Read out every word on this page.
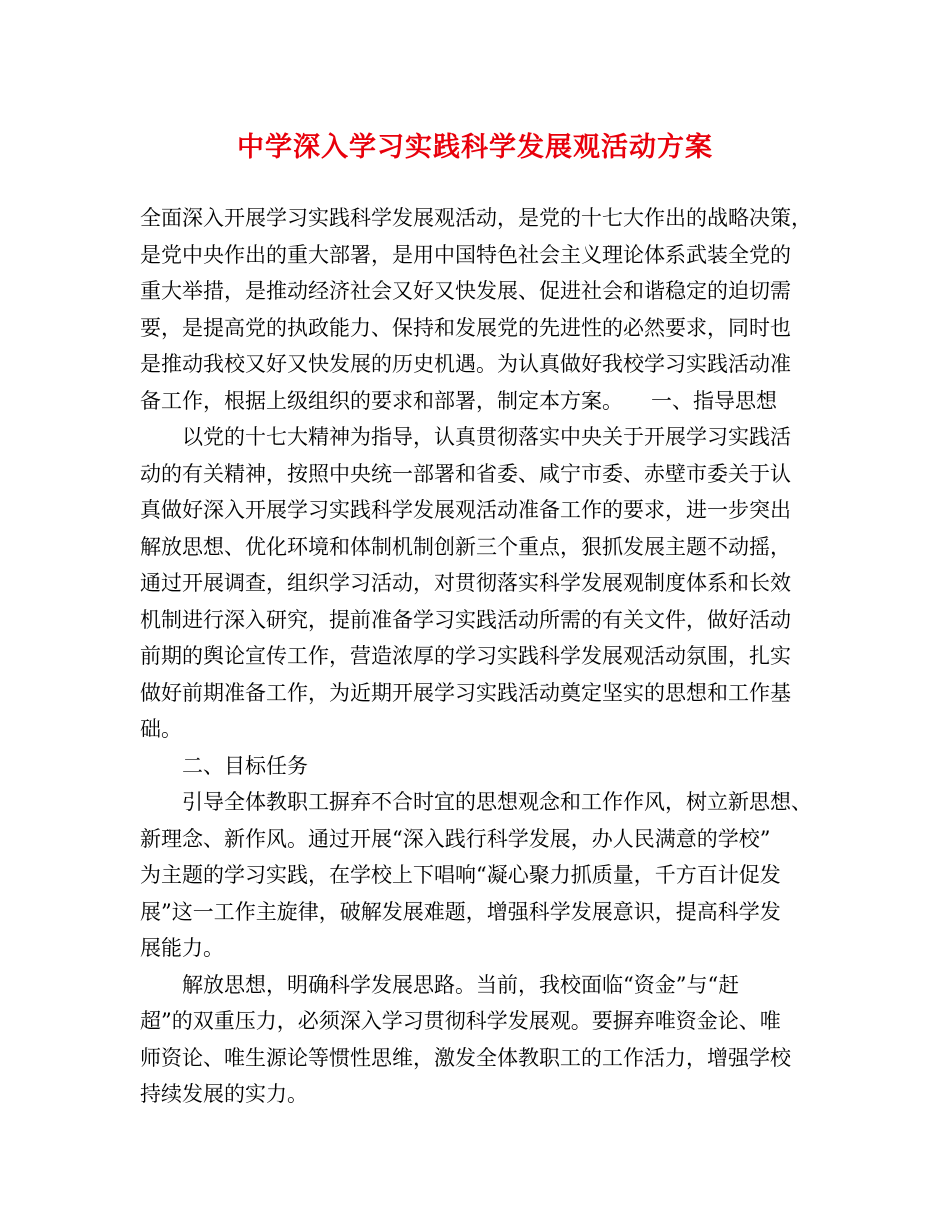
中学深入学习实践科学发展观活动方案
全面深入开展学习实践科学发展观活动，是党的十七大作出的战略决策，
是党中央作出的重大部署，是用中国特色社会主义理论体系武装全党的
重大举措，是推动经济社会又好又快发展、促进社会和谐稳定的迫切需
要，是提高党的执政能力、保持和发展党的先进性的必然要求，同时也
是推动我校又好又快发展的历史机遇。为认真做好我校学习实践活动准
备工作，根据上级组织的要求和部署，制定本方案。 一、指导思想
以党的十七大精神为指导，认真贯彻落实中央关于开展学习实践活
动的有关精神，按照中央统一部署和省委、咸宁市委、赤壁市委关于认
真做好深入开展学习实践科学发展观活动准备工作的要求，进一步突出
解放思想、优化环境和体制机制创新三个重点，狠抓发展主题不动摇，
通过开展调查，组织学习活动，对贯彻落实科学发展观制度体系和长效
机制进行深入研究，提前准备学习实践活动所需的有关文件，做好活动
前期的舆论宣传工作，营造浓厚的学习实践科学发展观活动氛围，扎实
做好前期准备工作，为近期开展学习实践活动奠定坚实的思想和工作基
础。
二、目标任务
引导全体教职工摒弃不合时宜的思想观念和工作作风，树立新思想、
新理念、新作风。通过开展“深入践行科学发展，办人民满意的学校”
为主题的学习实践，在学校上下唱响“凝心聚力抓质量，千方百计促发
展”这一工作主旋律，破解发展难题，增强科学发展意识，提高科学发
展能力。
解放思想，明确科学发展思路。当前，我校面临“资金”与“赶
超”的双重压力，必须深入学习贯彻科学发展观。要摒弃唯资金论、唯
师资论、唯生源论等惯性思维，激发全体教职工的工作活力，增强学校
持续发展的实力。
